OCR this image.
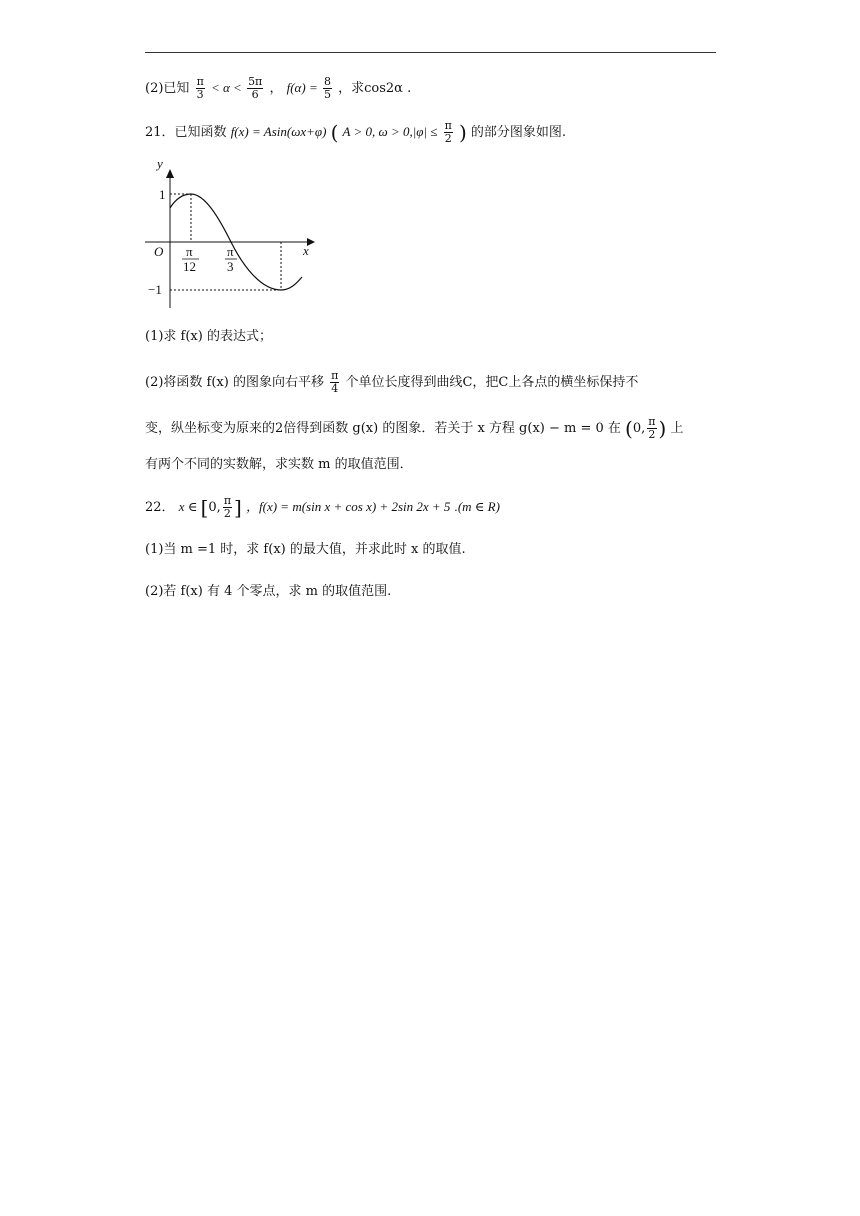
(2)已知 $\frac{\pi}{3} < \alpha < \frac{5\pi}{6}$ ， $f(\alpha) = \frac{8}{5}$ ，求cos2α .
21．已知函数 f(x) = Asin(ωx+φ) ( A > 0, $\omega > 0,|\varphi| \le \frac{\pi}{2}$ ) 的部分图象如图.
y
x
O
1
−1
π
12
π
3
(1)求 f(x) 的表达式；
(2)将函数 f(x) 的图象向右平移 $\frac{\pi}{4}$ 个单位长度得到曲线C，把C上各点的横坐标保持不
变，纵坐标变为原来的2倍得到函数 g(x) 的图象．若关于 x 方程 g(x) − m = 0 在 (0, $\frac{\pi}{2}$ ) 上
有两个不同的实数解，求实数 m 的取值范围．
22． x ∈ [0, $\frac{\pi}{2}$ ] ，f(x) = m(sin x + cos x) + 2sin 2x + 5 .(m ∈ R)
(1)当 m =1 时，求 f(x) 的最大值，并求此时 x 的取值.
(2)若 f(x) 有 4 个零点，求 m 的取值范围.
